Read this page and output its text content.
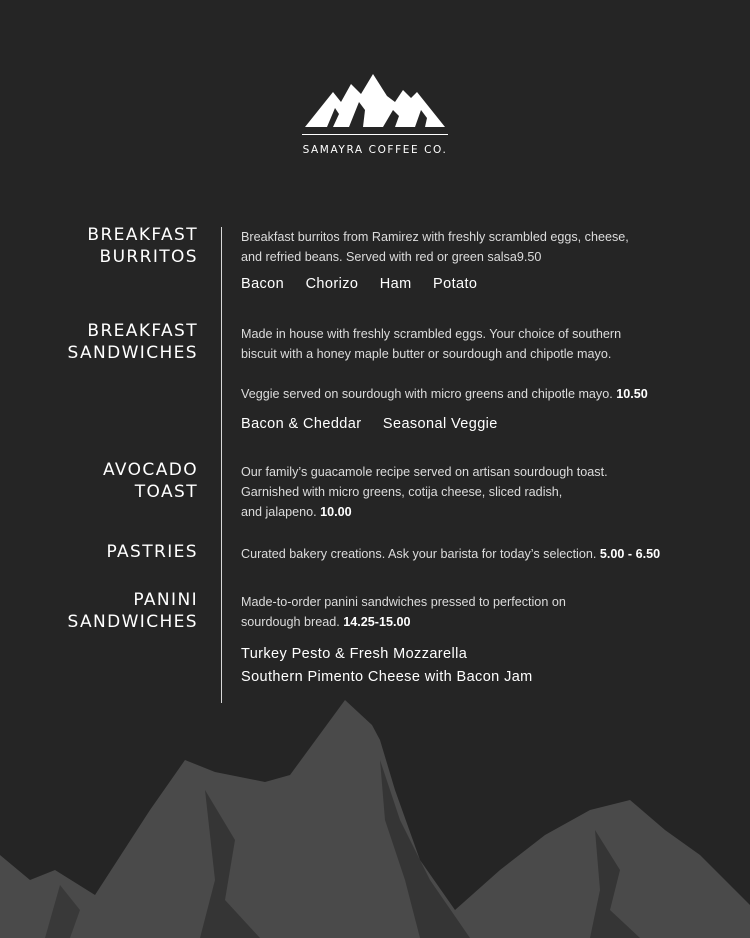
SAMAYRA COFFEE CO.
BREAKFAST
BURRITOS
Breakfast burritos from Ramirez with freshly scrambled eggs, cheese,
and refried beans. Served with red or green salsa9.50
Bacon Chorizo Ham Potato
BREAKFAST
SANDWICHES
Made in house with freshly scrambled eggs. Your choice of southern
biscuit with a honey maple butter or sourdough and chipotle mayo.

Veggie served on sourdough with micro greens and chipotle mayo. 10.50
Bacon & Cheddar Seasonal Veggie
AVOCADO
TOAST
Our family’s guacamole recipe served on artisan sourdough toast.
Garnished with micro greens, cotija cheese, sliced radish,
and jalapeno. 10.00
PASTRIES	Curated bakery creations. Ask your barista for today’s selection. 5.00 - 6.50
PANINI
SANDWICHES
Made-to-order panini sandwiches pressed to perfection on
sourdough bread. 14.25-15.00
Turkey Pesto & Fresh Mozzarella
Southern Pimento Cheese with Bacon Jam
